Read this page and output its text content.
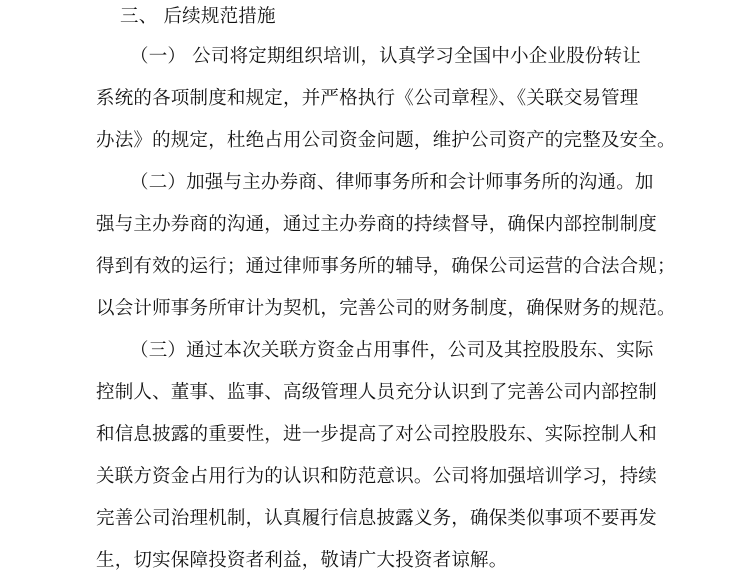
三、 后续规范措施
（一） 公司将定期组织培训，认真学习全国中小企业股份转让
系统的各项制度和规定，并严格执行《公司章程》、《关联交易管理
办法》的规定，杜绝占用公司资金问题，维护公司资产的完整及安全。
（二）加强与主办券商、律师事务所和会计师事务所的沟通。加
强与主办券商的沟通，通过主办券商的持续督导，确保内部控制制度
得到有效的运行；通过律师事务所的辅导，确保公司运营的合法合规；
以会计师事务所审计为契机，完善公司的财务制度，确保财务的规范。
（三）通过本次关联方资金占用事件，公司及其控股股东、实际
控制人、董事、监事、高级管理人员充分认识到了完善公司内部控制
和信息披露的重要性，进一步提高了对公司控股股东、实际控制人和
关联方资金占用行为的认识和防范意识。公司将加强培训学习，持续
完善公司治理机制，认真履行信息披露义务，确保类似事项不要再发
生，切实保障投资者利益，敬请广大投资者谅解。
